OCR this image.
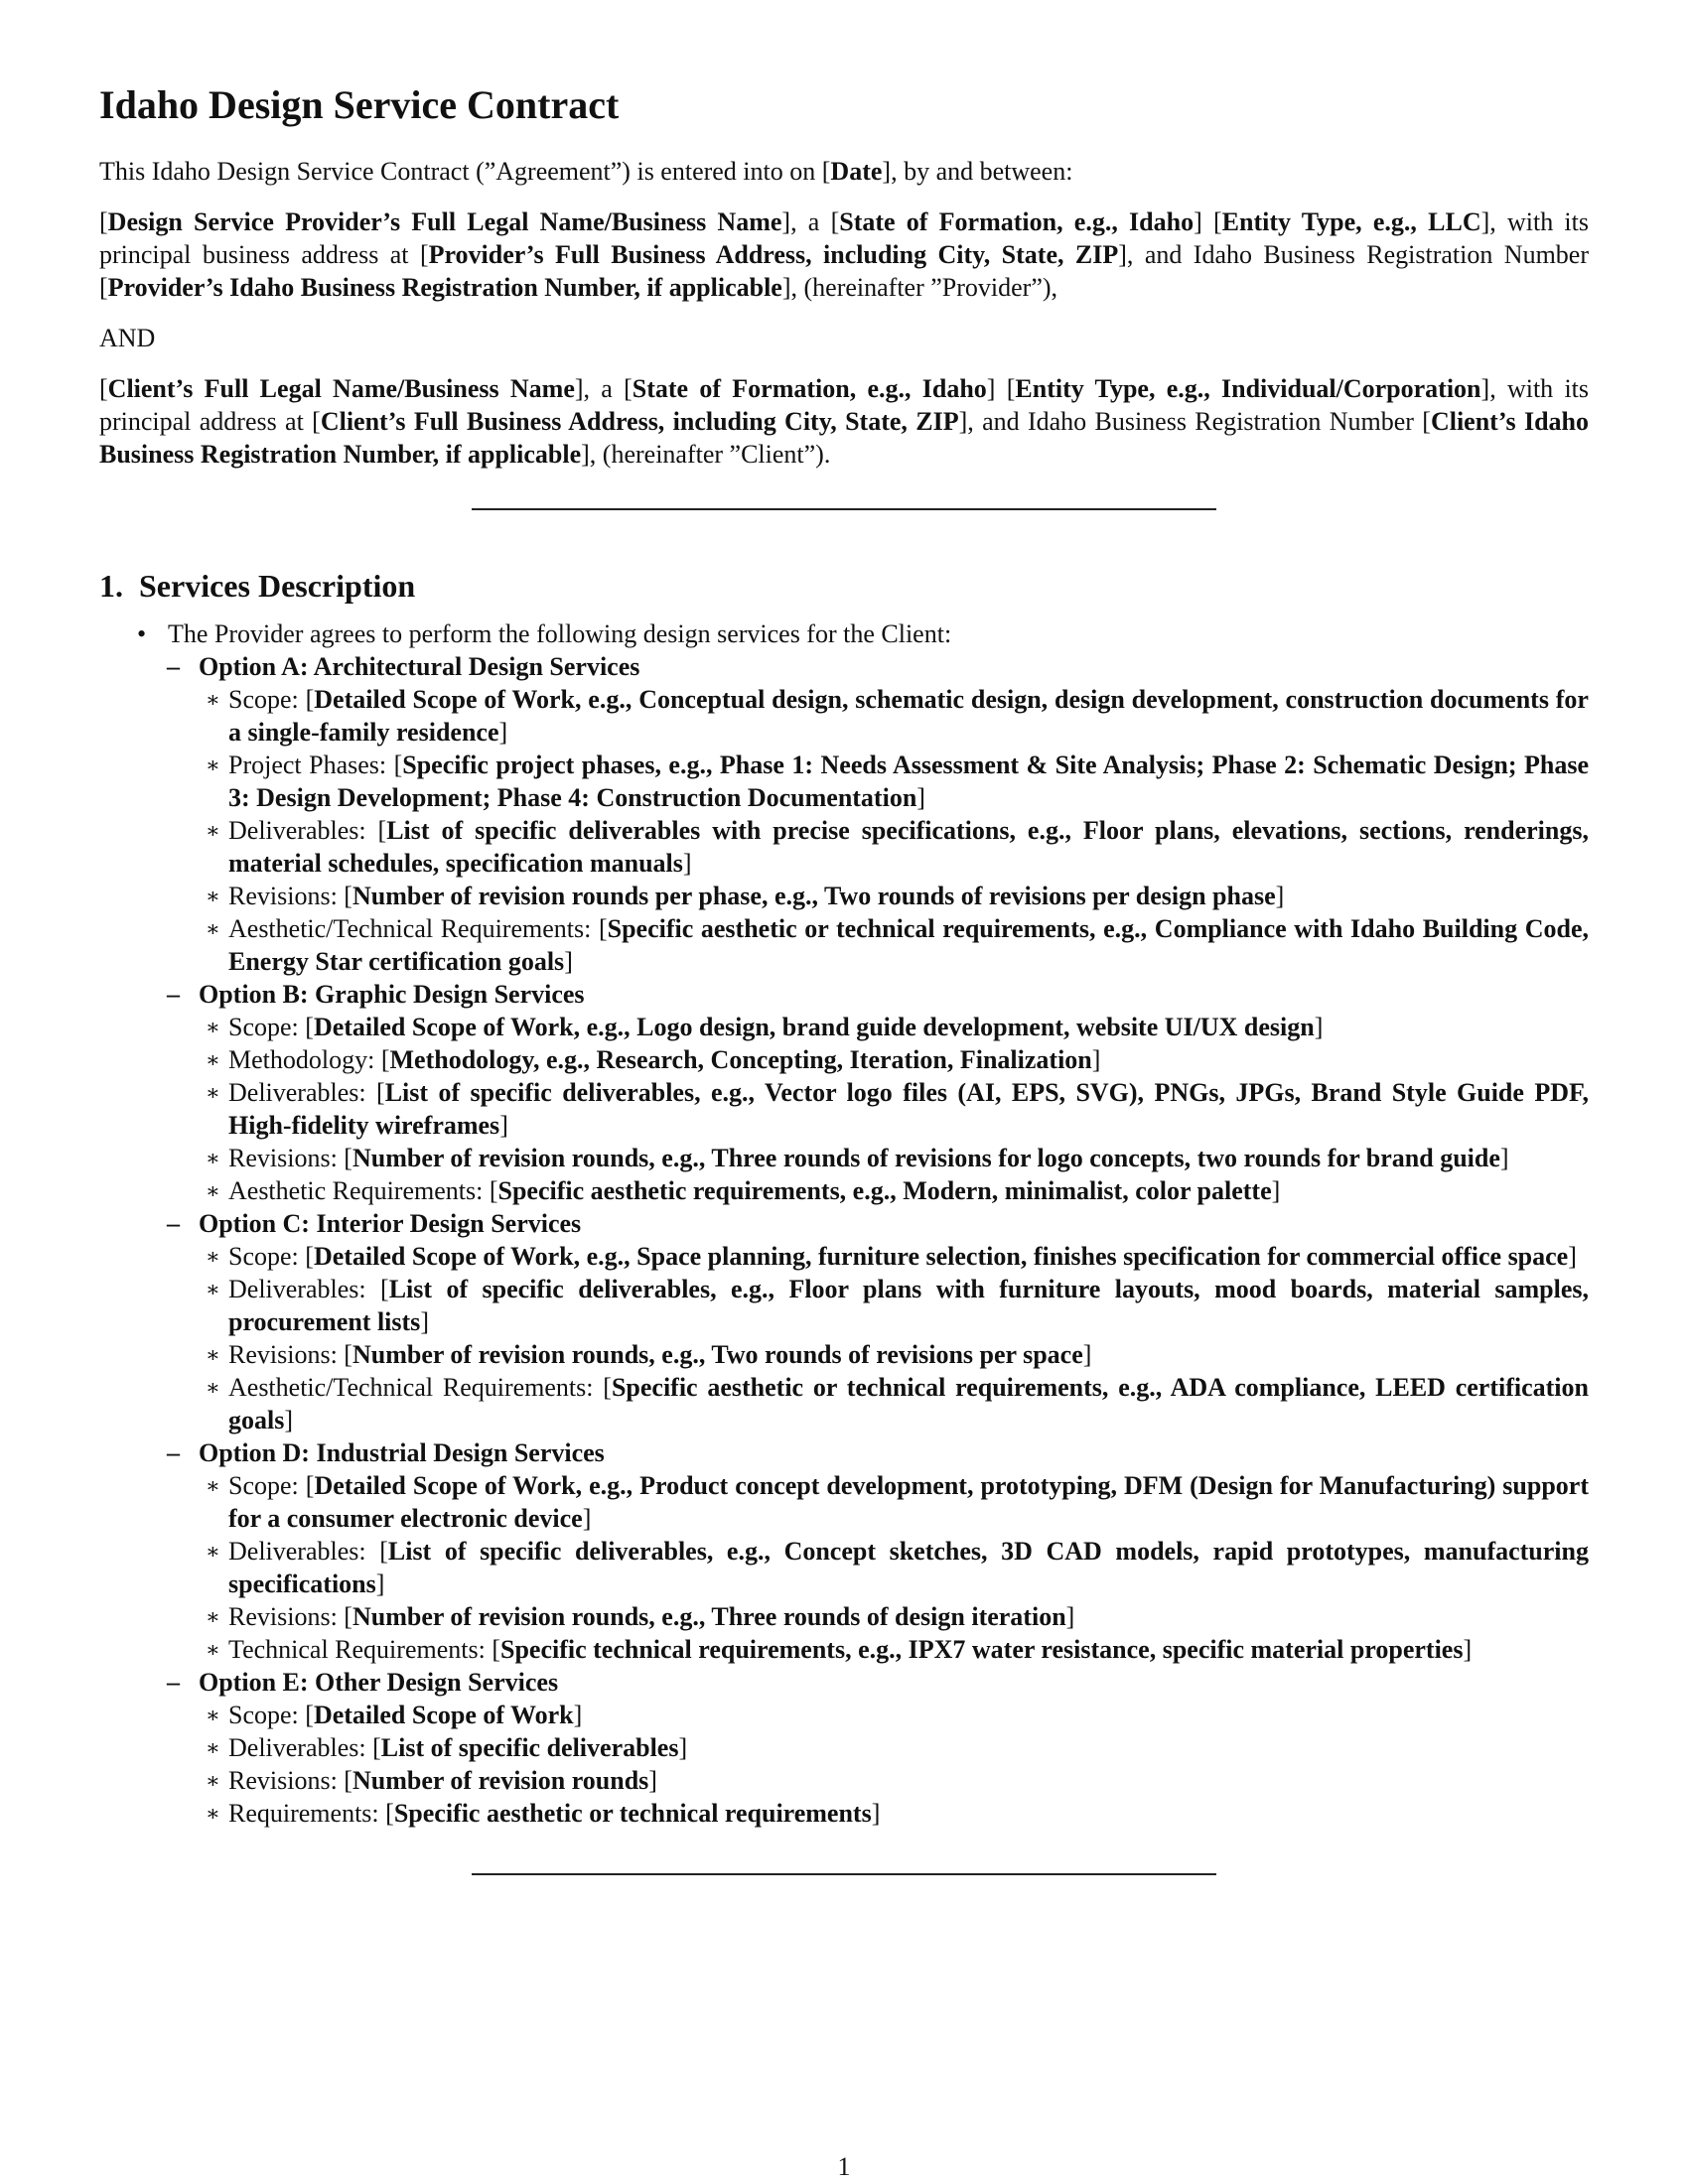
Idaho Design Service Contract

This Idaho Design Service Contract (”Agreement”) is entered into on [Date], by and between:

[Design Service Provider’s Full Legal Name/Business Name], a [State of Formation, e.g., Idaho] [Entity Type, e.g., LLC], with its principal business address at [Provider’s Full Business Address, including City, State, ZIP], and Idaho Business Registration Number [Provider’s Idaho Business Registration Number, if applicable], (hereinafter ”Provider”),

AND

[Client’s Full Legal Name/Business Name], a [State of Formation, e.g., Idaho] [Entity Type, e.g., Individual/Corporation], with its principal address at [Client’s Full Business Address, including City, State, ZIP], and Idaho Business Registration Number [Client’s Idaho Business Registration Number, if applicable], (hereinafter ”Client”).

1.  Services Description
• The Provider agrees to perform the following design services for the Client:
– Option A: Architectural Design Services
∗ Scope: [Detailed Scope of Work, e.g., Conceptual design, schematic design, design development, construction documents for a single-family residence]
∗ Project Phases: [Specific project phases, e.g., Phase 1: Needs Assessment & Site Analysis; Phase 2: Schematic Design; Phase 3: Design Development; Phase 4: Construction Documentation]
∗ Deliverables: [List of specific deliverables with precise specifications, e.g., Floor plans, elevations, sections, renderings, material schedules, specification manuals]
∗ Revisions: [Number of revision rounds per phase, e.g., Two rounds of revisions per design phase]
∗ Aesthetic/Technical Requirements: [Specific aesthetic or technical requirements, e.g., Compliance with Idaho Building Code, Energy Star certification goals]
– Option B: Graphic Design Services
∗ Scope: [Detailed Scope of Work, e.g., Logo design, brand guide development, website UI/UX design]
∗ Methodology: [Methodology, e.g., Research, Concepting, Iteration, Finalization]
∗ Deliverables: [List of specific deliverables, e.g., Vector logo files (AI, EPS, SVG), PNGs, JPGs, Brand Style Guide PDF, High-fidelity wireframes]
∗ Revisions: [Number of revision rounds, e.g., Three rounds of revisions for logo concepts, two rounds for brand guide]
∗ Aesthetic Requirements: [Specific aesthetic requirements, e.g., Modern, minimalist, color palette]
– Option C: Interior Design Services
∗ Scope: [Detailed Scope of Work, e.g., Space planning, furniture selection, finishes specification for commercial office space]
∗ Deliverables: [List of specific deliverables, e.g., Floor plans with furniture layouts, mood boards, material samples, procurement lists]
∗ Revisions: [Number of revision rounds, e.g., Two rounds of revisions per space]
∗ Aesthetic/Technical Requirements: [Specific aesthetic or technical requirements, e.g., ADA compliance, LEED certification goals]
– Option D: Industrial Design Services
∗ Scope: [Detailed Scope of Work, e.g., Product concept development, prototyping, DFM (Design for Manufacturing) support for a consumer electronic device]
∗ Deliverables: [List of specific deliverables, e.g., Concept sketches, 3D CAD models, rapid prototypes, manufacturing specifications]
∗ Revisions: [Number of revision rounds, e.g., Three rounds of design iteration]
∗ Technical Requirements: [Specific technical requirements, e.g., IPX7 water resistance, specific material properties]
– Option E: Other Design Services
∗ Scope: [Detailed Scope of Work]
∗ Deliverables: [List of specific deliverables]
∗ Revisions: [Number of revision rounds]
∗ Requirements: [Specific aesthetic or technical requirements]
1
